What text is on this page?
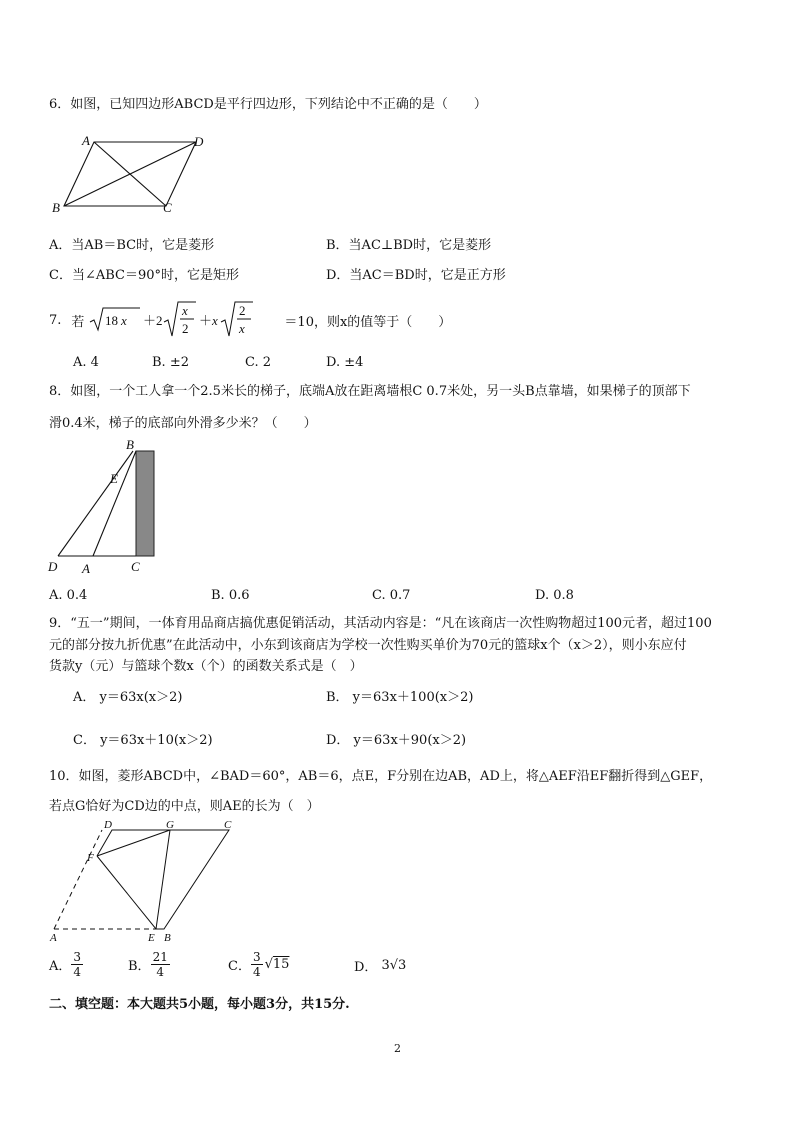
6．如图，已知四边形ABCD是平行四边形，下列结论中不正确的是（　　）
A	D
B	C
A．当AB＝BC时，它是菱形	B．当AC⊥BD时，它是菱形
C．当∠ABC＝90°时，它是矩形	D．当AC＝BD时，它是正方形
7. 若 18 x ＋2
x
2
＋ x
2
x	＝10，则x的值等于（　　）
A. 4	B. ±2	C. 2	D. ±4
8．如图，一个工人拿一个2.5米长的梯子，底端A放在距离墙根C 0.7米处，另一头B点靠墙，如果梯子的顶部下
滑0.4米，梯子的底部向外滑多少米？（　　）
B
E
D A	C
A. 0.4	B. 0.6	C. 0.7	D. 0.8
9．“五一”期间，一体育用品商店搞优惠促销活动，其活动内容是：“凡在该商店一次性购物超过100元者，超过100
元的部分按九折优惠”在此活动中，小东到该商店为学校一次性购买单价为70元的篮球x个（x＞2），则小东应付
货款y（元）与篮球个数x（个）的函数关系式是（　）
A． y＝63x(x＞2)	B． y＝63x＋100(x＞2)
C． y＝63x＋10(x＞2)	D． y＝63x＋90(x＞2)
10．如图，菱形ABCD中，∠BAD＝60°，AB＝6，点E，F分别在边AB，AD上，将△AEF沿EF翻折得到△GEF，
若点G恰好为CD边的中点，则AE的长为（　）
D	G	C
F
A	E B
A． $\frac{3}{4}$	B． $\frac{21}{4}$	C． $\frac{3}{4} √15$	D． 3√3
二、填空题：本大题共5小题，每小题3分，共15分.
2
